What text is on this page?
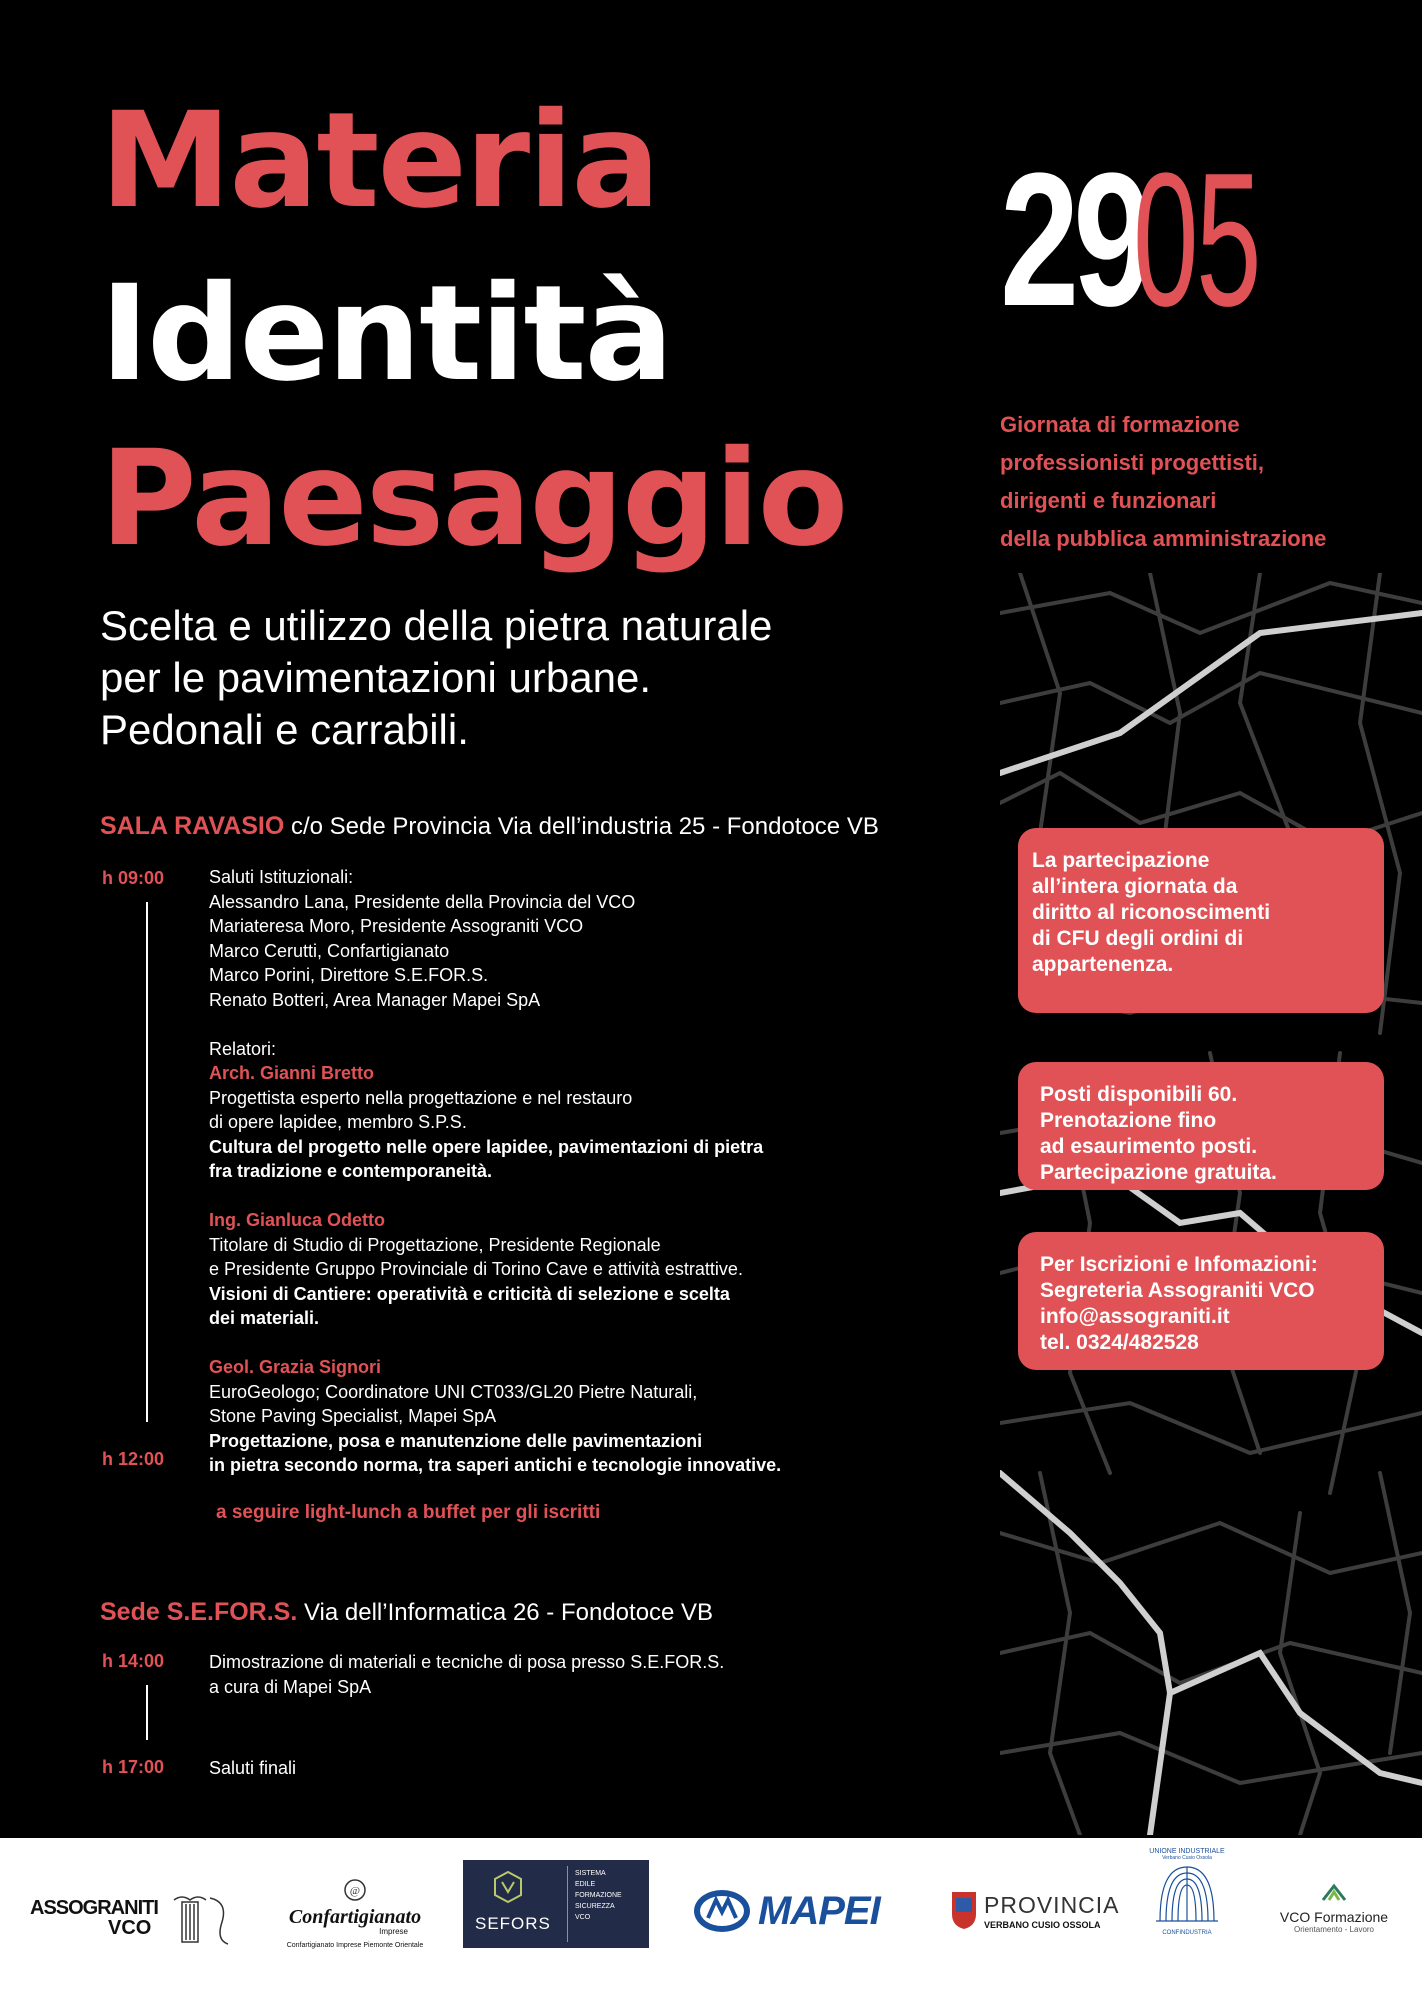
Materia
Identità
Paesaggio
Scelta e utilizzo della pietra naturale
per le pavimentazioni urbane.
Pedonali e carrabili.
2905
Giornata di formazione
professionisti progettisti,
dirigenti e funzionari
della pubblica amministrazione
La partecipazione
all’intera giornata da
diritto al riconoscimenti
di CFU degli ordini di
appartenenza.
Posti disponibili 60.
Prenotazione fino
ad esaurimento posti.
Partecipazione gratuita.
Per Iscrizioni e Infomazioni:
Segreteria Assograniti VCO
info@assograniti.it
tel. 0324/482528
SALA RAVASIO c/o Sede Provincia Via dell’industria 25 - Fondotoce VB
h 09:00
h 12:00
Saluti Istituzionali:
Alessandro Lana, Presidente della Provincia del VCO
Mariateresa Moro, Presidente Assograniti VCO
Marco Cerutti, Confartigianato
Marco Porini, Direttore S.E.FOR.S.
Renato Botteri, Area Manager Mapei SpA
Relatori:
Arch. Gianni Bretto
Progettista esperto nella progettazione e nel restauro
di opere lapidee, membro S.P.S.
Cultura del progetto nelle opere lapidee, pavimentazioni di pietra
fra tradizione e contemporaneità.
Ing. Gianluca Odetto
Titolare di Studio di Progettazione, Presidente Regionale
e Presidente Gruppo Provinciale di Torino Cave e attività estrattive.
Visioni di Cantiere: operatività e criticità di selezione e scelta
dei materiali.
Geol. Grazia Signori
EuroGeologo; Coordinatore UNI CT033/GL20 Pietre Naturali,
Stone Paving Specialist, Mapei SpA
Progettazione, posa e manutenzione delle pavimentazioni
in pietra secondo norma, tra saperi antichi e tecnologie innovative.
a seguire light-lunch a buffet per gli iscritti
Sede S.E.FOR.S. Via dell’Informatica 26 - Fondotoce VB
h 14:00
h 17:00
Dimostrazione di materiali e tecniche di posa presso S.E.FOR.S.
a cura di Mapei SpA
Saluti finali
ASSOGRANITI
VCO
@
Confartigianato
Imprese
Confartigianato Imprese Piemonte Orientale
SEFORS
SISTEMA
EDILE
FORMAZIONE
SICUREZZA
VCO	MAPEI	PROVINCIA
VERBANO CUSIO OSSOLA
UNIONE INDUSTRIALE
Verbano Cusio Ossola
CONFINDUSTRIA
VCO Formazione
Orientamento - Lavoro
